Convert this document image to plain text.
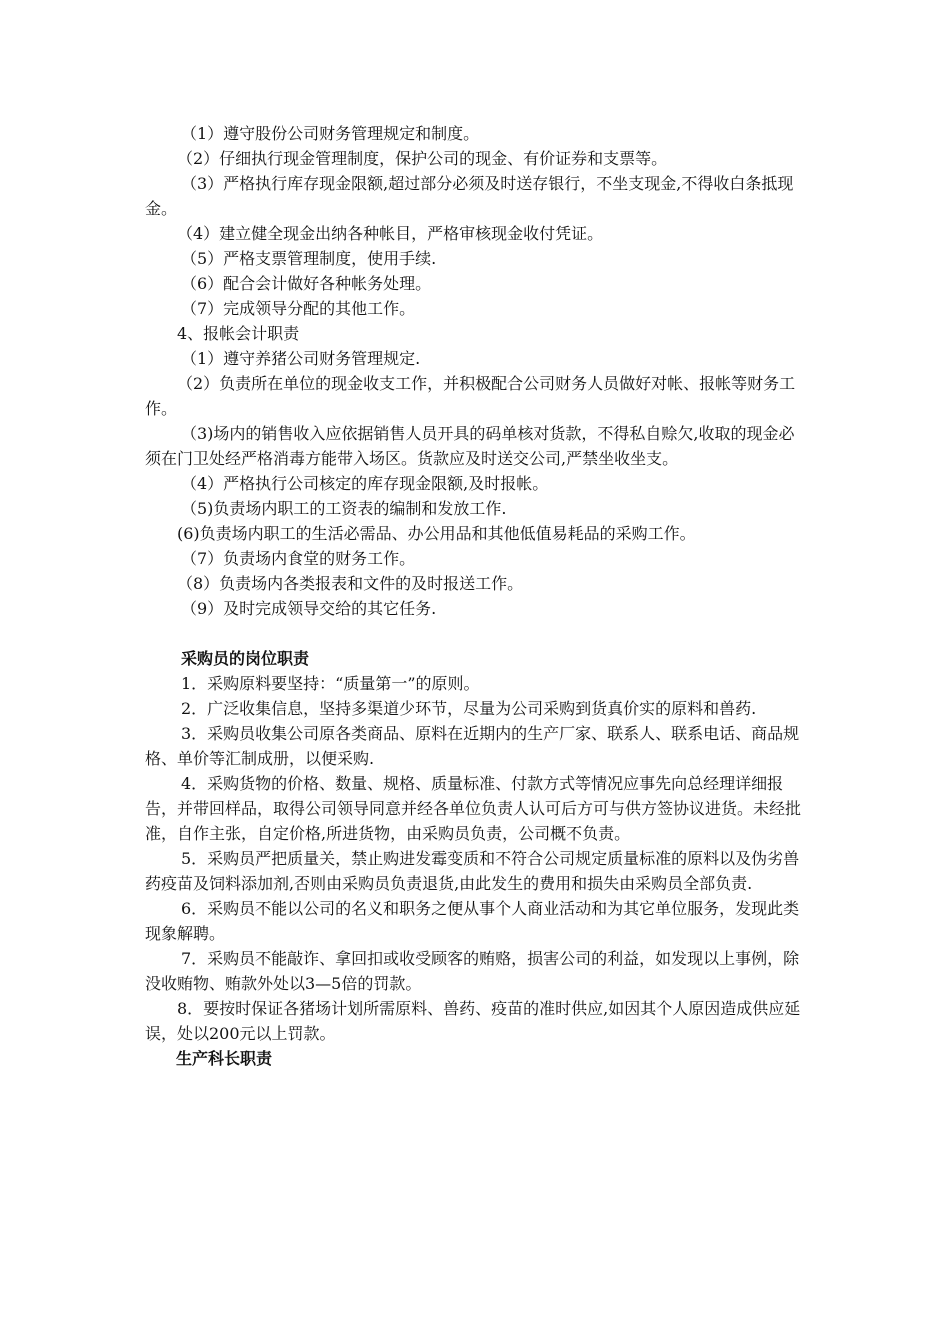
（1）遵守股份公司财务管理规定和制度。

（2）仔细执行现金管理制度，保护公司的现金、有价证券和支票等。

（3）严格执行库存现金限额,超过部分必须及时送存银行，不坐支现金,不得收白条抵现金。

（4）建立健全现金出纳各种帐目，严格审核现金收付凭证。

（5）严格支票管理制度，使用手续.

（6）配合会计做好各种帐务处理。

（7）完成领导分配的其他工作。

4、报帐会计职责

（1）遵守养猪公司财务管理规定.

（2）负责所在单位的现金收支工作，并积极配合公司财务人员做好对帐、报帐等财务工作。

（3)场内的销售收入应依据销售人员开具的码单核对货款，不得私自赊欠,收取的现金必须在门卫处经严格消毒方能带入场区。货款应及时送交公司,严禁坐收坐支。

（4）严格执行公司核定的库存现金限额,及时报帐。

（5)负责场内职工的工资表的编制和发放工作.

(6)负责场内职工的生活必需品、办公用品和其他低值易耗品的采购工作。

（7）负责场内食堂的财务工作。

（8）负责场内各类报表和文件的及时报送工作。

（9）及时完成领导交给的其它任务.

采购员的岗位职责

1．采购原料要坚持：“质量第一”的原则。

2．广泛收集信息，坚持多渠道少环节，尽量为公司采购到货真价实的原料和兽药.

3．采购员收集公司原各类商品、原料在近期内的生产厂家、联系人、联系电话、商品规格、单价等汇制成册，以便采购.

4．采购货物的价格、数量、规格、质量标准、付款方式等情况应事先向总经理详细报告，并带回样品，取得公司领导同意并经各单位负责人认可后方可与供方签协议进货。未经批准，自作主张，自定价格,所进货物，由采购员负责，公司概不负责。

5．采购员严把质量关，禁止购进发霉变质和不符合公司规定质量标准的原料以及伪劣兽药疫苗及饲料添加剂,否则由采购员负责退货,由此发生的费用和损失由采购员全部负责.

6．采购员不能以公司的名义和职务之便从事个人商业活动和为其它单位服务，发现此类现象解聘。

7．采购员不能敲诈、拿回扣或收受顾客的贿赂，损害公司的利益，如发现以上事例，除没收贿物、贿款外处以3—5倍的罚款。

8．要按时保证各猪场计划所需原料、兽药、疫苗的准时供应,如因其个人原因造成供应延误，处以200元以上罚款。

生产科长职责
